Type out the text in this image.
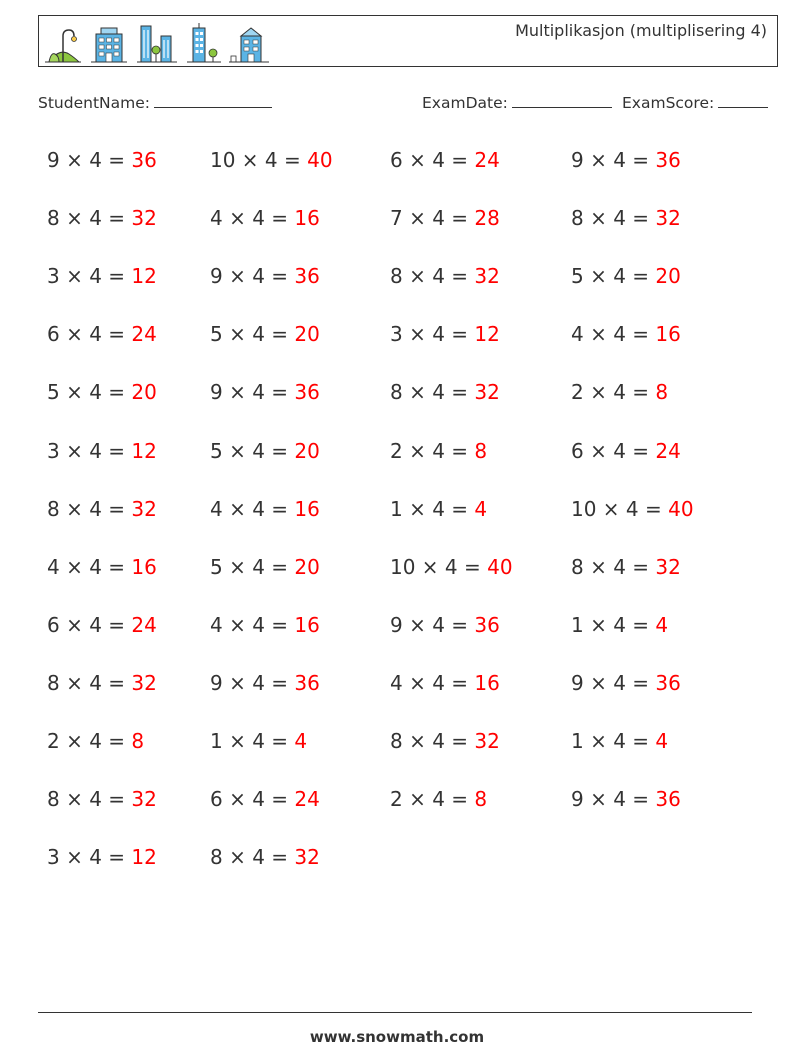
Multiplikasjon (multiplisering 4)
StudentName:	ExamDate:	ExamScore:
9 × 4 = 36	10 × 4 = 40	6 × 4 = 24	9 × 4 = 36
8 × 4 = 32	4 × 4 = 16	7 × 4 = 28	8 × 4 = 32
3 × 4 = 12	9 × 4 = 36	8 × 4 = 32	5 × 4 = 20
6 × 4 = 24	5 × 4 = 20	3 × 4 = 12	4 × 4 = 16
5 × 4 = 20	9 × 4 = 36	8 × 4 = 32	2 × 4 = 8
3 × 4 = 12	5 × 4 = 20	2 × 4 = 8	6 × 4 = 24
8 × 4 = 32	4 × 4 = 16	1 × 4 = 4	10 × 4 = 40
4 × 4 = 16	5 × 4 = 20	10 × 4 = 40	8 × 4 = 32
6 × 4 = 24	4 × 4 = 16	9 × 4 = 36	1 × 4 = 4
8 × 4 = 32	9 × 4 = 36	4 × 4 = 16	9 × 4 = 36
2 × 4 = 8	1 × 4 = 4	8 × 4 = 32	1 × 4 = 4
8 × 4 = 32	6 × 4 = 24	2 × 4 = 8	9 × 4 = 36
3 × 4 = 12	8 × 4 = 32
www.snowmath.com
